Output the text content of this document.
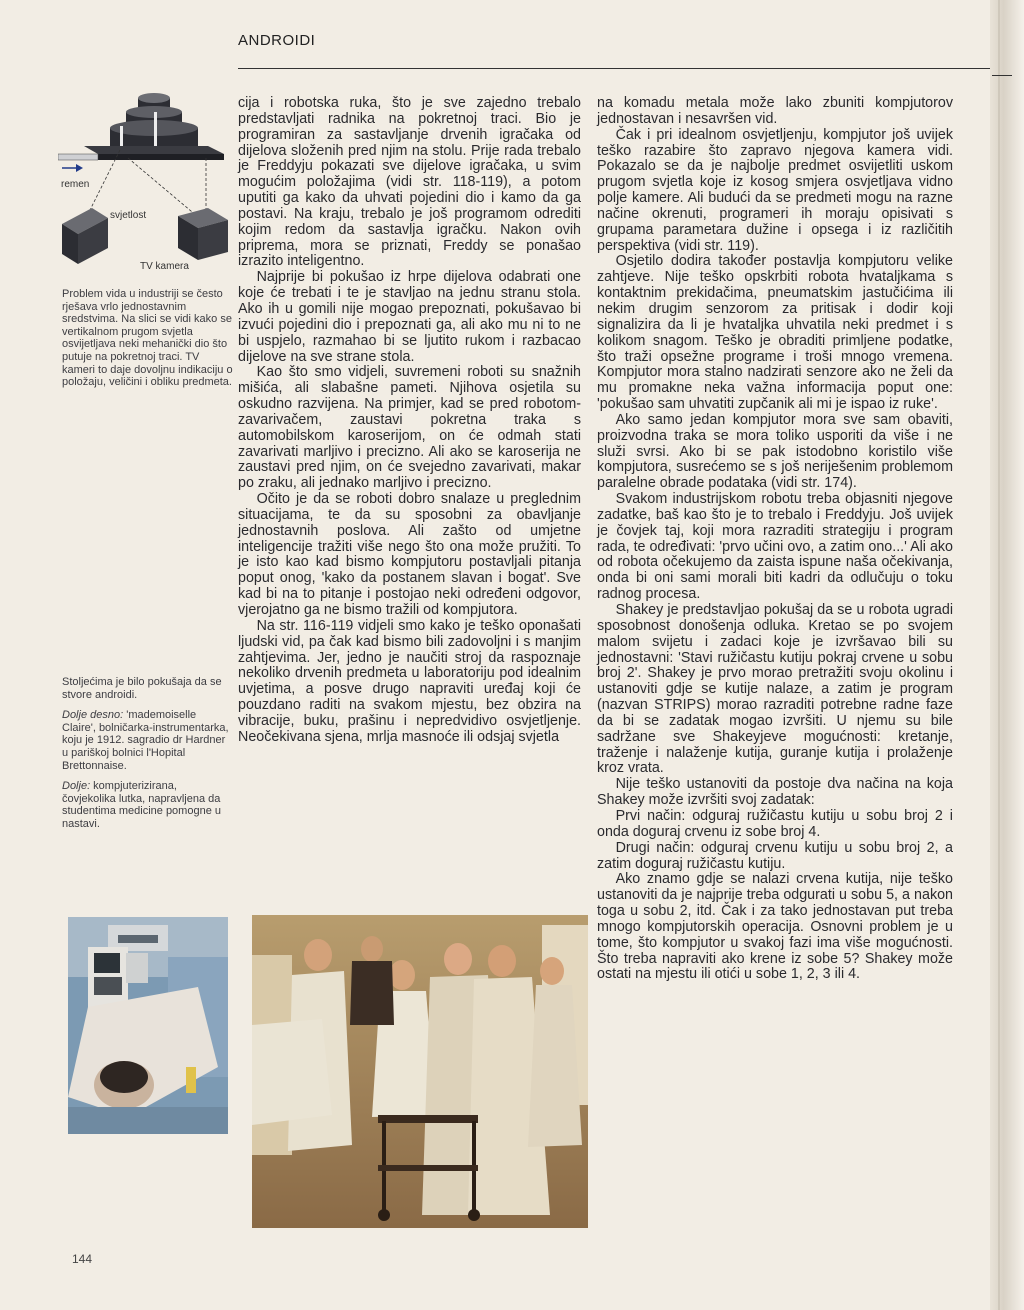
ANDROIDI
remen
svjetlost
TV kamera

Problem vida u industriji se često rješava vrlo jednostavnim sredstvima. Na slici se vidi kako se vertikalnom prugom svjetla osvijetljava neki mehanički dio što putuje na pokretnoj traci. TV kameri to daje dovoljnu indikaciju o položaju, veličini i obliku predmeta.

Stoljećima je bilo pokušaja da se stvore androidi.

Dolje desno: 'mademoiselle Claire', bolničarka-instrumentarka, koju je 1912. sagradio dr Hardner u pariškoj bolnici l'Hopital Brettonnaise.

Dolje: kompjuterizirana, čovjekolika lutka, napravljena da studentima medicine pomogne u nastavi.

cija i robotska ruka, što je sve zajedno trebalo predstavljati radnika na pokretnoj traci. Bio je programiran za sastavljanje drvenih igračaka od dijelova složenih pred njim na stolu. Prije rada trebalo je Freddyju pokazati sve dijelove igračaka, u svim mogućim položajima (vidi str. 118-119), a potom uputiti ga kako da uhvati pojedini dio i kamo da ga postavi. Na kraju, trebalo je još programom odrediti kojim redom da sastavlja igračku. Nakon ovih priprema, mora se priznati, Freddy se ponašao izrazito inteligentno.

Najprije bi pokušao iz hrpe dijelova odabrati one koje će trebati i te je stavljao na jednu stranu stola. Ako ih u gomili nije mogao prepoznati, pokušavao bi izvući pojedini dio i prepoznati ga, ali ako mu ni to ne bi uspjelo, razmahao bi se ljutito rukom i razbacao dijelove na sve strane stola.

Kao što smo vidjeli, suvremeni roboti su snažnih mišića, ali slabašne pameti. Njihova osjetila su oskudno razvijena. Na primjer, kad se pred robotom-zavarivačem, zaustavi pokretna traka s automobilskom karoserijom, on će odmah stati zavarivati marljivo i precizno. Ali ako se karoserija ne zaustavi pred njim, on će svejedno zavarivati, makar po zraku, ali jednako marljivo i precizno.

Očito je da se roboti dobro snalaze u preglednim situacijama, te da su sposobni za obavljanje jednostavnih poslova. Ali zašto od umjetne inteligencije tražiti više nego što ona može pružiti. To je isto kao kad bismo kompjutoru postavljali pitanja poput onog, 'kako da postanem slavan i bogat'. Sve kad bi na to pitanje i postojao neki određeni odgovor, vjerojatno ga ne bismo tražili od kompjutora.

Na str. 116-119 vidjeli smo kako je teško oponašati ljudski vid, pa čak kad bismo bili zadovoljni i s manjim zahtjevima. Jer, jedno je naučiti stroj da raspoznaje nekoliko drvenih predmeta u laboratoriju pod idealnim uvjetima, a posve drugo napraviti uređaj koji će pouzdano raditi na svakom mjestu, bez obzira na vibracije, buku, prašinu i nepredvidivo osvjetljenje. Neočekivana sjena, mrlja masnoće ili odsjaj svjetla

na komadu metala može lako zbuniti kompjutorov jednostavan i nesavršen vid.

Čak i pri idealnom osvjetljenju, kompjutor još uvijek teško razabire što zapravo njegova kamera vidi. Pokazalo se da je najbolje predmet osvijetliti uskom prugom svjetla koje iz kosog smjera osvjetljava vidno polje kamere. Ali budući da se predmeti mogu na razne načine okrenuti, programeri ih moraju opisivati s grupama parametara dužine i opsega i iz različitih perspektiva (vidi str. 119).

Osjetilo dodira također postavlja kompjutoru velike zahtjeve. Nije teško opskrbiti robota hvataljkama s kontaktnim prekidačima, pneumatskim jastučićima ili nekim drugim senzorom za pritisak i dodir koji signalizira da li je hvataljka uhvatila neki predmet i s kolikom snagom. Teško je obraditi primljene podatke, što traži opsežne programe i troši mnogo vremena. Kompjutor mora stalno nadzirati senzore ako ne želi da mu promakne neka važna informacija poput one: 'pokušao sam uhvatiti zupčanik ali mi je ispao iz ruke'.

Ako samo jedan kompjutor mora sve sam obaviti, proizvodna traka se mora toliko usporiti da više i ne služi svrsi. Ako bi se pak istodobno koristilo više kompjutora, susrećemo se s još neriješenim problemom paralelne obrade podataka (vidi str. 174).

Svakom industrijskom robotu treba objasniti njegove zadatke, baš kao što je to trebalo i Freddyju. Još uvijek je čovjek taj, koji mora razraditi strategiju i program rada, te određivati: 'prvo učini ovo, a zatim ono...' Ali ako od robota očekujemo da zaista ispune naša očekivanja, onda bi oni sami morali biti kadri da odlučuju o toku radnog procesa.

Shakey je predstavljao pokušaj da se u robota ugradi sposobnost donošenja odluka. Kretao se po svojem malom svijetu i zadaci koje je izvršavao bili su jednostavni: 'Stavi ružičastu kutiju pokraj crvene u sobu broj 2'. Shakey je prvo morao pretražiti svoju okolinu i ustanoviti gdje se kutije nalaze, a zatim je program (nazvan STRIPS) morao razraditi potrebne radne faze da bi se zadatak mogao izvršiti. U njemu su bile sadržane sve Shakeyjeve mogućnosti: kretanje, traženje i nalaženje kutija, guranje kutija i prolaženje kroz vrata.

Nije teško ustanoviti da postoje dva načina na koja Shakey može izvršiti svoj zadatak:

Prvi način: odguraj ružičastu kutiju u sobu broj 2 i onda doguraj crvenu iz sobe broj 4.

Drugi način: odguraj crvenu kutiju u sobu broj 2, a zatim doguraj ružičastu kutiju.

Ako znamo gdje se nalazi crvena kutija, nije teško ustanoviti da je najprije treba odgurati u sobu 5, a nakon toga u sobu 2, itd. Čak i za tako jednostavan put treba mnogo kompjutorskih operacija. Osnovni problem je u tome, što kompjutor u svakoj fazi ima više mogućnosti. Što treba napraviti ako krene iz sobe 5? Shakey može ostati na mjestu ili otići u sobe 1, 2, 3 ili 4.

144
